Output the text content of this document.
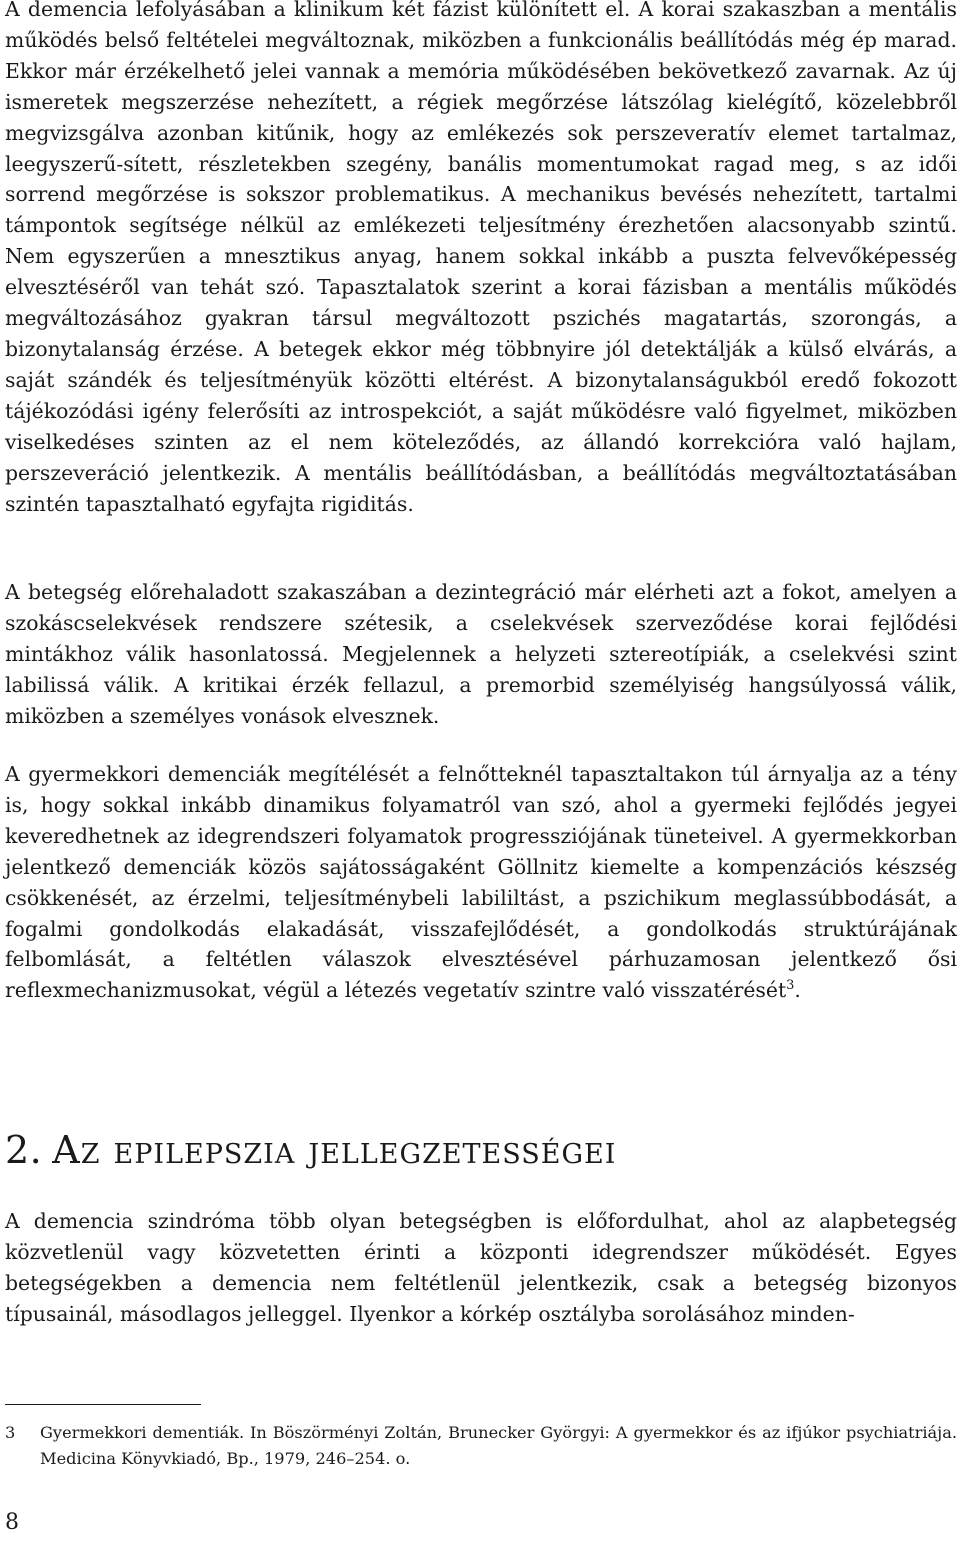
A demencia lefolyásában a klinikum két fázist különített el. A korai szakaszban a mentális működés belső feltételei megváltoznak, miközben a funkcionális beállítódás még ép marad. Ekkor már érzékelhető jelei vannak a memória működésében bekövetkező zavarnak. Az új ismeretek megszerzése nehezített, a régiek megőrzése látszólag kielégítő, közelebbről megvizsgálva azonban kitűnik, hogy az emlékezés sok perszeveratív elemet tartalmaz, leegyszerű-sített, részletekben szegény, banális momentumokat ragad meg, s az idői sorrend megőrzése is sokszor problematikus. A mechanikus bevésés nehezített, tartalmi támpontok segítsége nélkül az emlékezeti teljesítmény érezhetően alacsonyabb szintű. Nem egyszerűen a mnesztikus anyag, hanem sokkal inkább a puszta felvevőképesség elvesztéséről van tehát szó. Tapasztalatok szerint a korai fázisban a mentális működés megváltozásához gyakran társul megváltozott pszichés magatartás, szorongás, a bizonytalanság érzése. A betegek ekkor még többnyire jól detektálják a külső elvárás, a saját szándék és teljesítményük közötti eltérést. A bizonytalanságukból eredő fokozott tájékozódási igény felerősíti az introspekciót, a saját működésre való figyelmet, miközben viselkedéses szinten az el nem köteleződés, az állandó korrekcióra való hajlam, perszeveráció jelentkezik. A mentális beállítódásban, a beállítódás megváltoztatásában szintén tapasztalható egyfajta rigiditás.

A betegség előrehaladott szakaszában a dezintegráció már elérheti azt a fokot, amelyen a szokáscselekvések rendszere szétesik, a cselekvések szerveződése korai fejlődési mintákhoz válik hasonlatossá. Megjelennek a helyzeti sztereotípiák, a cselekvési szint labilissá válik. A kritikai érzék fellazul, a premorbid személyiség hangsúlyossá válik, miközben a személyes vonások elvesznek.

A gyermekkori demenciák megítélését a felnőtteknél tapasztaltakon túl árnyalja az a tény is, hogy sokkal inkább dinamikus folyamatról van szó, ahol a gyermeki fejlődés jegyei keveredhetnek az idegrendszeri folyamatok progressziójának tüneteivel. A gyermekkorban jelentkező demenciák közös sajátosságaként Göllnitz kiemelte a kompenzációs készség csökkenését, az érzelmi, teljesítménybeli labililtást, a pszichikum meglassúbbodását, a fogalmi gondolkodás elakadását, visszafejlődését, a gondolkodás struktúrájának felbomlását, a feltétlen válaszok elvesztésével párhuzamosan jelentkező ősi reflexmechanizmusokat, végül a létezés vegetatív szintre való visszatérését$^3$.

2. Az epilepszia jellegzetességei

A demencia szindróma több olyan betegségben is előfordulhat, ahol az alapbetegség közvetlenül vagy közvetetten érinti a központi idegrendszer működését. Egyes betegségekben a demencia nem feltétlenül jelentkezik, csak a betegség bizonyos típusainál, másodlagos jelleggel. Ilyenkor a kórkép osztályba sorolásához minden-

3 Gyermekkori dementiák. In Böszörményi Zoltán, Brunecker Györgyi: A gyermekkor és az ifjúkor psychiatriája. Medicina Könyvkiadó, Bp., 1979, 246–254. o.

8
